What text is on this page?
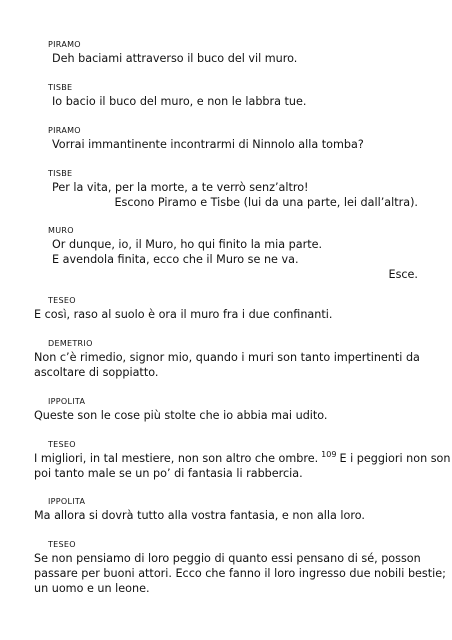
PIRAMO
Deh baciami attraverso il buco del vil muro.
TISBE
Io bacio il buco del muro, e non le labbra tue.
PIRAMO
Vorrai immantinente incontrarmi di Ninnolo alla tomba?
TISBE
Per la vita, per la morte, a te verrò senz’altro!
Escono Piramo e Tisbe (lui da una parte, lei dall’altra).
MURO
Or dunque, io, il Muro, ho qui finito la mia parte.
E avendola finita, ecco che il Muro se ne va.
Esce.
TESEO
E così, raso al suolo è ora il muro fra i due confinanti.
DEMETRIO
Non c’è rimedio, signor mio, quando i muri son tanto impertinenti da
ascoltare di soppiatto.
IPPOLITA
Queste son le cose più stolte che io abbia mai udito.
TESEO
I migliori, in tal mestiere, non son altro che ombre. $^{109}$ E i peggiori non son
poi tanto male se un po’ di fantasia li rabbercia.
IPPOLITA
Ma allora si dovrà tutto alla vostra fantasia, e non alla loro.
TESEO
Se non pensiamo di loro peggio di quanto essi pensano di sé, posson
passare per buoni attori. Ecco che fanno il loro ingresso due nobili bestie;
un uomo e un leone.
